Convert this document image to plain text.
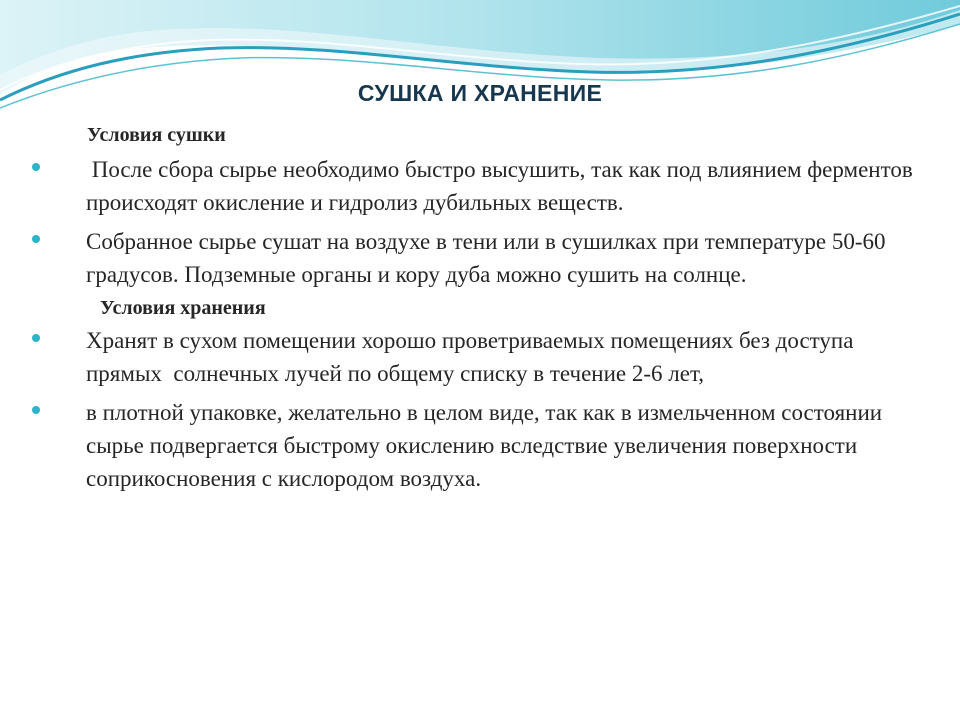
СУШКА И ХРАНЕНИЕ
Условия сушки
После сбора сырье необходимо быстро высушить, так как под влиянием ферментов происходят окисление и гидролиз дубильных веществ.
Собранное сырье сушат на воздухе в тени или в сушилках при температуре 50-60 градусов. Подземные органы и кору дуба можно сушить на солнце.
Условия хранения
Хранят в сухом помещении хорошо проветриваемых помещениях без доступа прямых  солнечных лучей по общему списку в течение 2-6 лет,
в плотной упаковке, желательно в целом виде, так как в измельченном состоянии сырье подвергается быстрому окислению вследствие увеличения поверхности соприкосновения с кислородом воздуха.
